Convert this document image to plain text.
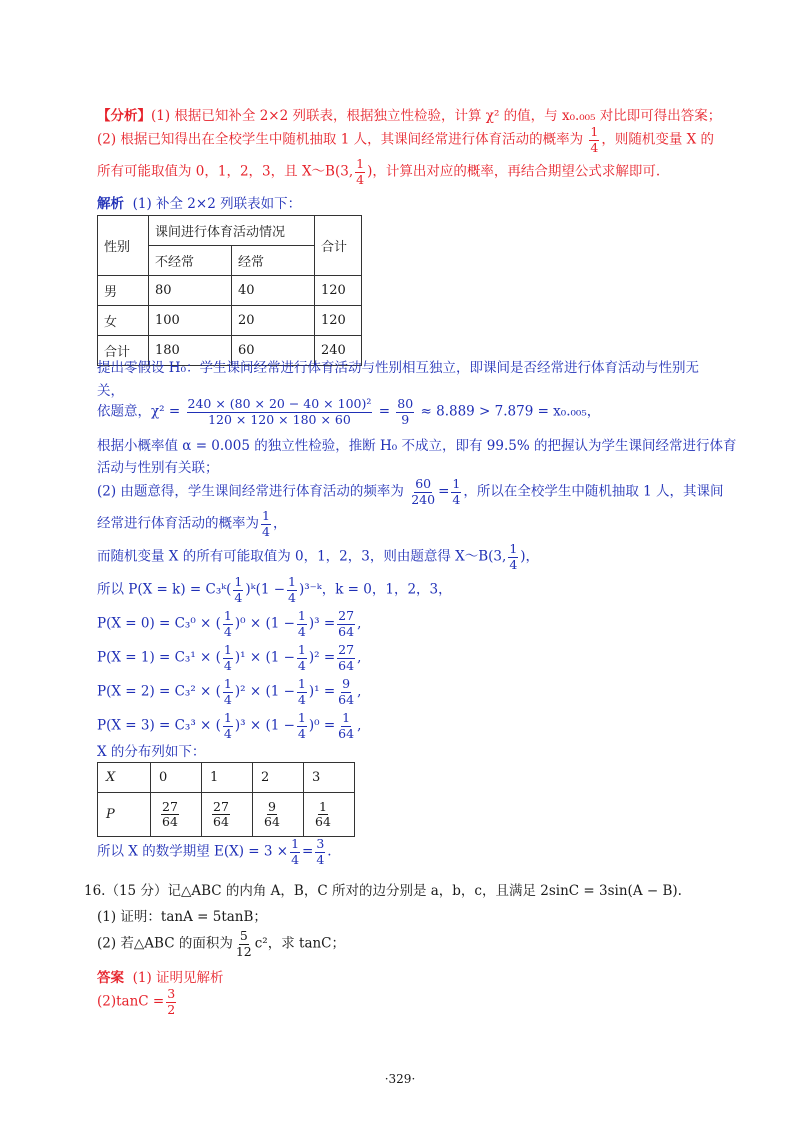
【分析】(1) 根据已知补全 2×2 列联表，根据独立性检验，计算 χ² 的值，与 x₀.₀₀₅ 对比即可得出答案；
(2) 根据已知得出在全校学生中随机抽取 1 人，其课间经常进行体育活动的概率为 $\frac{1}{4}$ ，则随机变量 X 的
所有可能取值为 0，1，2，3，且 X～B(3, $\frac{1}{4}$ )，计算出对应的概率，再结合期望公式求解即可.
解析 (1) 补全 2×2 列联表如下：
性别	课间进行体育活动情况		合计
	不经常	经常	
男	80	40	120
女	100	20	120
合计	180	60	240
提出零假设 H₀：学生课间经常进行体育活动与性别相互独立，即课间是否经常进行体育活动与性别无
关，
依题意，$\chi^2 = \frac{\text{240 × (80 × 20 − 40 × 100)²}}{120 \times 120 \times 180 \times 60} = \frac{80}{9} \approx 8.889 > 7.879 = x_0._{005}$，
根据小概率值 α = 0.005 的独立性检验，推断 H₀ 不成立，即有 99.5% 的把握认为学生课间经常进行体育
活动与性别有关联；
(2) 由题意得，学生课间经常进行体育活动的频率为 $\frac{60}{240} = \frac{1}{4}$ ，所以在全校学生中随机抽取 1 人，其课间
经常进行体育活动的概率为 $\frac{1}{4}$ ，
而随机变量 X 的所有可能取值为 0，1，2，3，则由题意得 X～B(3, $\frac{1}{4}$ )，
所以 P(X = k) = C₃ᵏ( $\frac{1}{4}$ )ᵏ(1 − $\frac{1}{4}$ )³⁻ᵏ，k = 0，1，2，3，
P(X = 0) = C₃⁰ × ( $\frac{1}{4} )^0 \times (1 - \frac{1}{4} )^3 = \frac{27}{64}$ ,
P(X = 1) = C₃¹ × ( $\frac{1}{4} )^1 \times (1 - \frac{1}{4} )^2 = \frac{27}{64}$ ,
P(X = 2) = C₃² × ( $\frac{1}{4} )^2 \times (1 - \frac{1}{4} )^1 = \frac{9}{64}$ ,
P(X = 3) = C₃³ × ( $\frac{1}{4} )^3 \times (1 - \frac{1}{4} )^0 = \frac{1}{64}$ ,
X 的分布列如下：
X	0	1	2	3
P	$\frac{27}{64}$	$\frac{27}{64}$	$\frac{9}{64}$	$\frac{1}{64}$
所以 X 的数学期望 $E(X) = 3 \times \frac{1}{4} = \frac{3}{4}$ .
16.（15 分）记△ABC 的内角 A，B，C 所对的边分别是 a，b，c，且满足 2sinC = 3sin(A − B).
(1) 证明：tanA = 5tanB；
(2) 若△ABC 的面积为 $\frac{5}{12} c^2$，求 tanC；
答案 (1) 证明见解析
$(2)\tan C = \frac{3}{2}$
·329·
